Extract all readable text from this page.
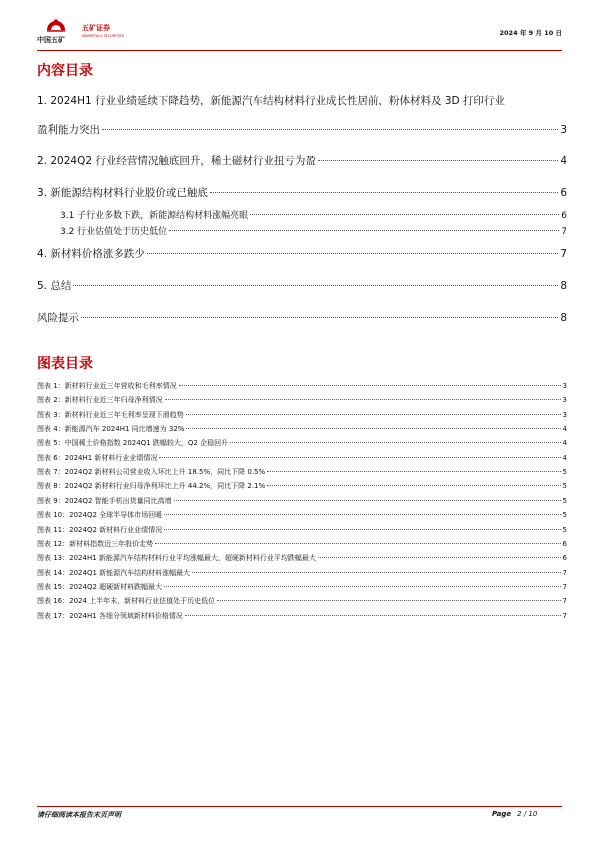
中国五矿
五矿证券
MINMETALS SECURITIES	2024 年 9 月 10 日
内容目录
1. 2024H1 行业业绩延续下降趋势，新能源汽车结构材料行业成长性居前，粉体材料及 3D 打印行业
盈利能力突出	3
2. 2024Q2 行业经营情况触底回升，稀土磁材行业扭亏为盈	4
3. 新能源结构材料行业股价或已触底	6
3.1 子行业多数下跌，新能源结构材料涨幅亮眼	6
3.2 行业估值处于历史低位	7
4. 新材料价格涨多跌少	7
5. 总结	8
风险提示	8
图表目录
图表 1：新材料行业近三年营收和毛利率情况	3
图表 2：新材料行业近三年归母净利情况	3
图表 3：新材料行业近三年毛利率呈现下滑趋势	3
图表 4：新能源汽车 2024H1 同比增速为 32%	4
图表 5：中国稀土价格指数 2024Q1 跌幅较大，Q2 企稳回升	4
图表 6：2024H1 新材料行业业绩情况	4
图表 7：2024Q2 新材料公司营业收入环比上升 18.5%，同比下降 0.5%	5
图表 8：2024Q2 新材料行业归母净利环比上升 44.2%，同比下降 2.1%	5
图表 9：2024Q2 智能手机出货量同比高增	5
图表 10：2024Q2 全球半导体市场回暖	5
图表 11：2024Q2 新材料行业业绩情况	5
图表 12：新材料指数近三年股价走势	6
图表 13：2024H1 新能源汽车结构材料行业平均涨幅最大，超硬新材料行业平均跌幅最大	6
图表 14：2024Q1 新能源汽车结构材料涨幅最大	7
图表 15：2024Q2 超硬新材料跌幅最大	7
图表 16：2024 上半年末，新材料行业估值处于历史低位	7
图表 17：2024H1 各细分领域新材料价格情况	7
请仔细阅读本报告末页声明	Page 2 / 10
